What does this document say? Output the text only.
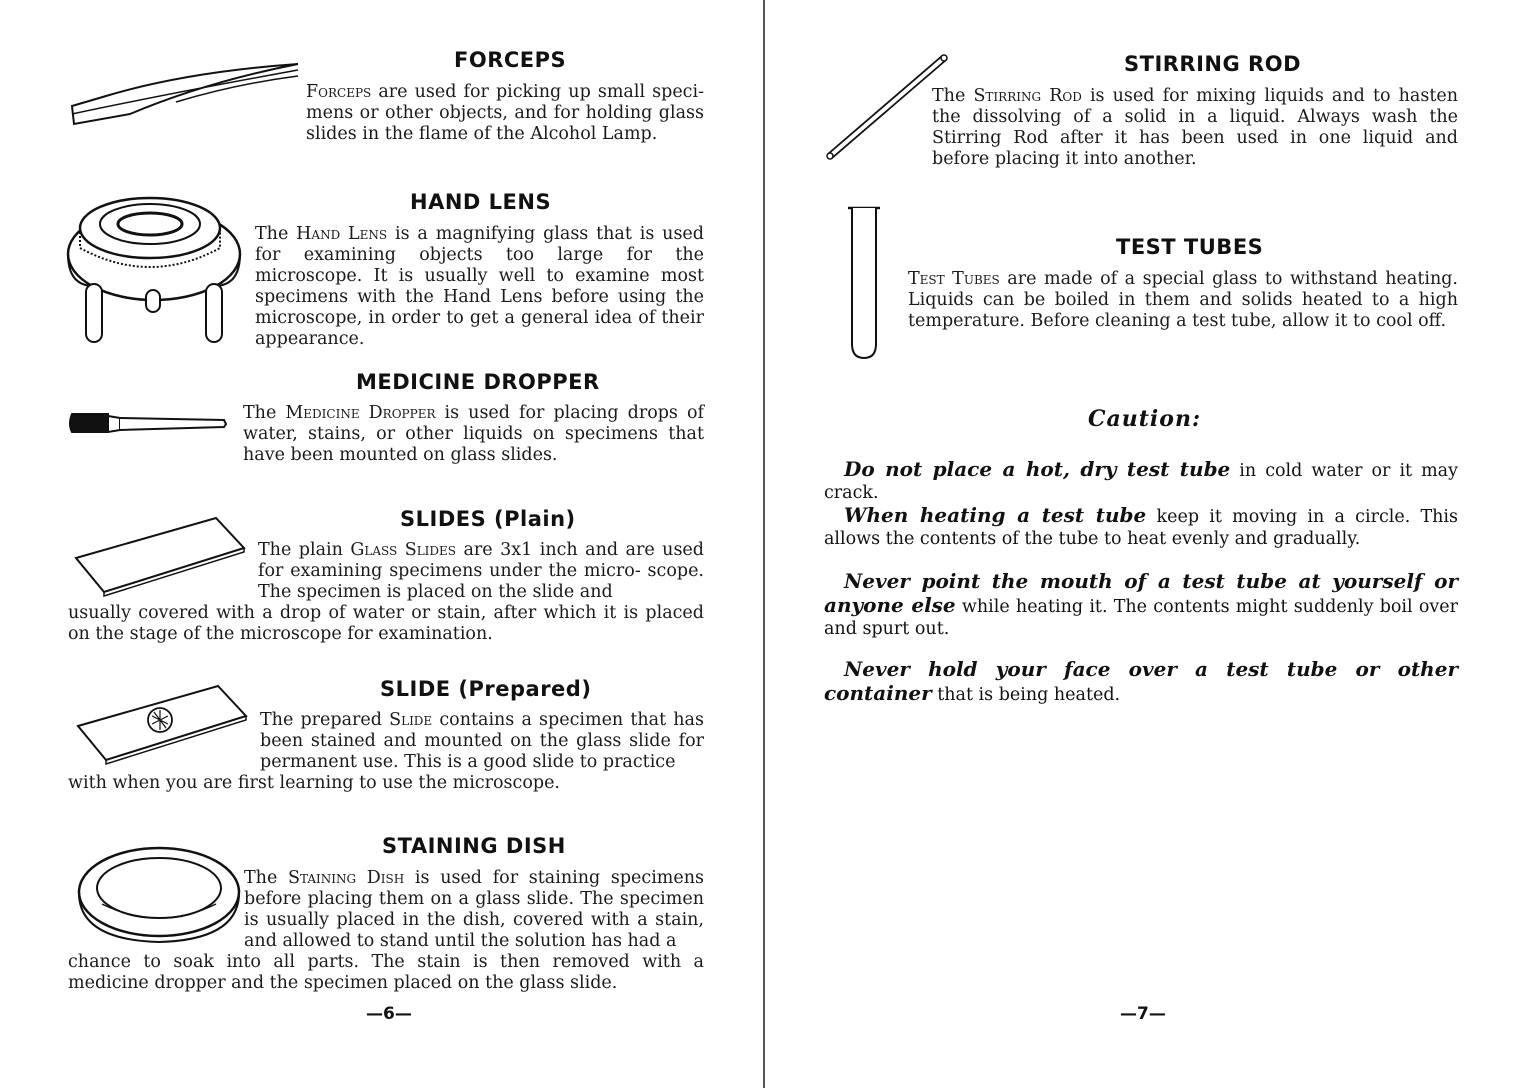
FORCEPS

Forceps are used for picking up small speci- mens or other objects, and for holding glass slides in the flame of the Alcohol Lamp.

HAND LENS

The Hand Lens is a magnifying glass that is used for examining objects too large for the microscope. It is usually well to examine most specimens with the Hand Lens before using the microscope, in order to get a general idea of their appearance.

MEDICINE DROPPER

The Medicine Dropper is used for placing drops of water, stains, or other liquids on specimens that have been mounted on glass slides.

SLIDES (Plain)

The plain Glass Slides are 3x1 inch and are used for examining specimens under the micro- scope. The specimen is placed on the slide and

usually covered with a drop of water or stain, after which it is placed on the stage of the microscope for examination.

SLIDE (Prepared)

The prepared Slide contains a specimen that has been stained and mounted on the glass slide for permanent use. This is a good slide to practice

with when you are first learning to use the microscope.

STAINING DISH

The Staining Dish is used for staining specimens before placing them on a glass slide. The specimen is usually placed in the dish, covered with a stain, and allowed to stand until the solution has had a

chance to soak into all parts. The stain is then removed with a medicine dropper and the specimen placed on the glass slide.

—6—
STIRRING ROD

The Stirring Rod is used for mixing liquids and to hasten the dissolving of a solid in a liquid. Always wash the Stirring Rod after it has been used in one liquid and before placing it into another.

TEST TUBES

Test Tubes are made of a special glass to withstand heating. Liquids can be boiled in them and solids heated to a high temperature. Before cleaning a test tube, allow it to cool off.

Caution:

Do not place a hot, dry test tube in cold water or it may crack.

When heating a test tube keep it moving in a circle. This allows the contents of the tube to heat evenly and gradually.

Never point the mouth of a test tube at yourself or anyone else while heating it. The contents might suddenly boil over and spurt out.

Never hold your face over a test tube or other container that is being heated.

—7—
